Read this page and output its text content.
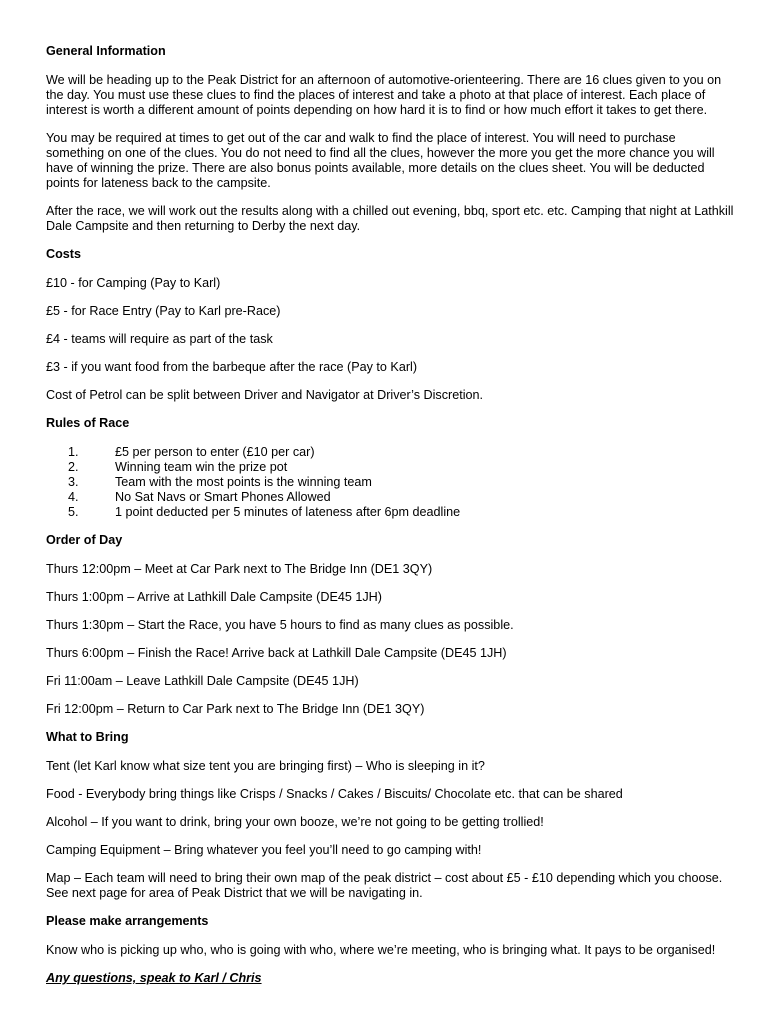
General Information

We will be heading up to the Peak District for an afternoon of automotive-orienteering. There are 16 clues given to you on the day. You must use these clues to find the places of interest and take a photo at that place of interest. Each place of interest is worth a different amount of points depending on how hard it is to find or how much effort it takes to get there.

You may be required at times to get out of the car and walk to find the place of interest. You will need to purchase something on one of the clues. You do not need to find all the clues, however the more you get the more chance you will have of winning the prize. There are also bonus points available, more details on the clues sheet. You will be deducted points for lateness back to the campsite.

After the race, we will work out the results along with a chilled out evening, bbq, sport etc. etc. Camping that night at Lathkill Dale Campsite and then returning to Derby the next day.

Costs

£10 - for Camping (Pay to Karl)

£5 - for Race Entry (Pay to Karl pre-Race)

£4 - teams will require as part of the task

£3 - if you want food from the barbeque after the race (Pay to Karl)

Cost of Petrol can be split between Driver and Navigator at Driver’s Discretion.

Rules of Race
1.	£5 per person to enter (£10 per car)
2.	Winning team win the prize pot
3.	Team with the most points is the winning team
4.	No Sat Navs or Smart Phones Allowed
5.	1 point deducted per 5 minutes of lateness after 6pm deadline
Order of Day

Thurs 12:00pm – Meet at Car Park next to The Bridge Inn (DE1 3QY)

Thurs 1:00pm – Arrive at Lathkill Dale Campsite (DE45 1JH)

Thurs 1:30pm – Start the Race, you have 5 hours to find as many clues as possible.

Thurs 6:00pm – Finish the Race! Arrive back at Lathkill Dale Campsite (DE45 1JH)

Fri 11:00am – Leave Lathkill Dale Campsite (DE45 1JH)

Fri 12:00pm – Return to Car Park next to The Bridge Inn (DE1 3QY)

What to Bring

Tent (let Karl know what size tent you are bringing first) – Who is sleeping in it?

Food - Everybody bring things like Crisps / Snacks / Cakes / Biscuits/ Chocolate etc. that can be shared

Alcohol – If you want to drink, bring your own booze, we’re not going to be getting trollied!

Camping Equipment – Bring whatever you feel you’ll need to go camping with!

Map – Each team will need to bring their own map of the peak district – cost about £5 - £10 depending which you choose. See next page for area of Peak District that we will be navigating in.

Please make arrangements

Know who is picking up who, who is going with who, where we’re meeting, who is bringing what. It pays to be organised!

Any questions, speak to Karl / Chris
